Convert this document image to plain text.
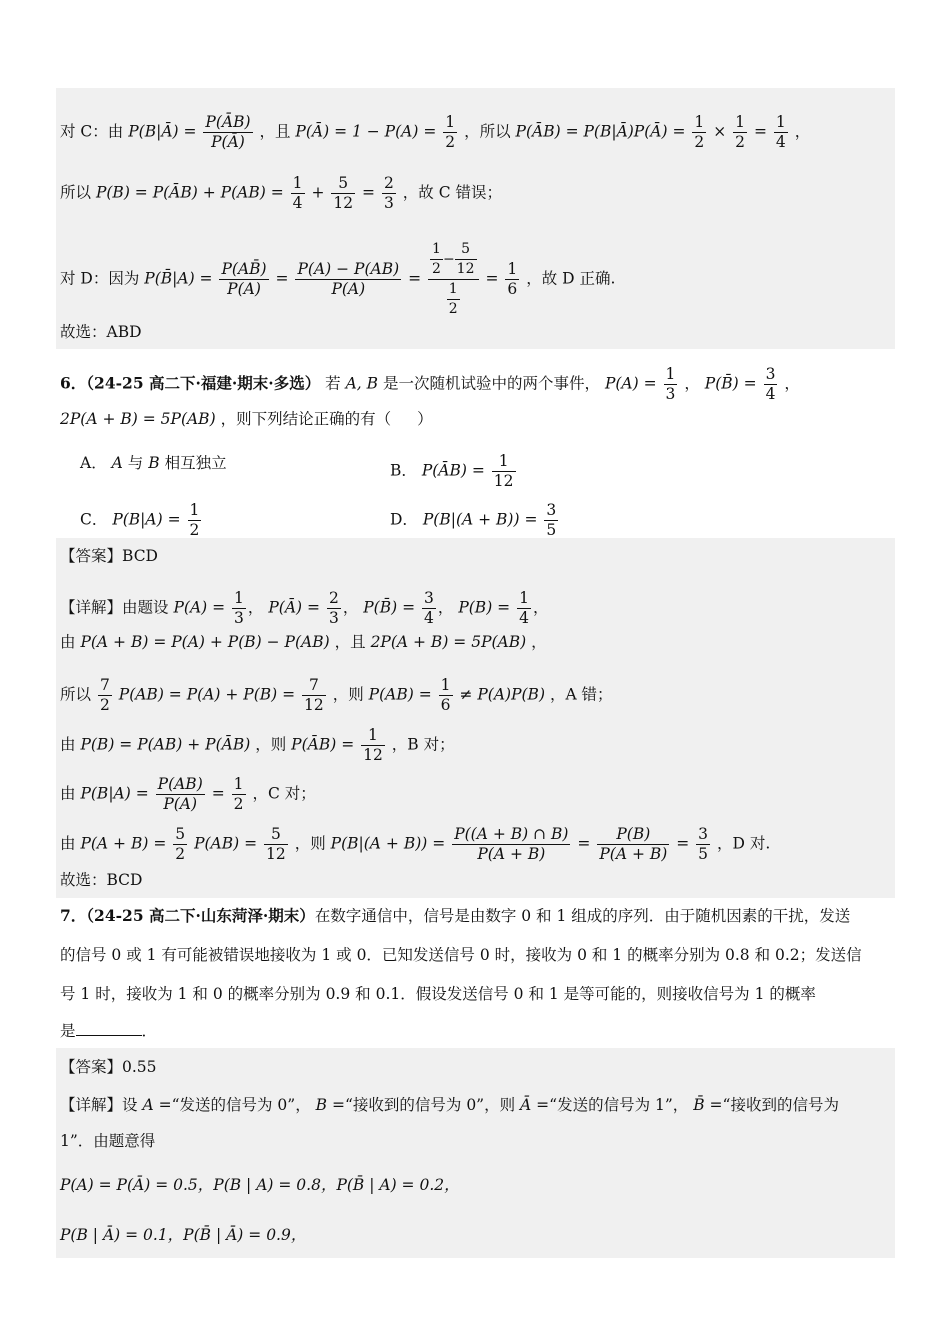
对 C：由 P(B|Ā) = $\frac{P(ĀB)}{P(Ā)}$ ，且 P(Ā) = $1 - P(A) = \frac{1}{2}$ ，所以 P(ĀB) = P(B|Ā)P(Ā) = $\frac{1}{2} \times \frac{1}{2} = \frac{1}{4}$ ，
所以 P(B) = P(ĀB) + $P(AB) = \frac{1}{4} + \frac{5}{12} = \frac{2}{3}$ ，故 C 错误；
对 D：因为 P(B̄|A) = $\frac{P(AB̄)}{P(A)} = \frac{P(A) - P(AB)}{P(A)} = \frac{\frac{1}{2} - \frac{5}{12}}{\frac{1}{2}} = \frac{1}{6}$ ，故 D 正确.
故选：ABD
6．（24-25 高二下·福建·期末·多选） 若 A, B 是一次随机试验中的两个事件， $P(A) = \frac{1}{3}$ ， P(B̄) = $\frac{3}{4}$ ，
2P(A + B) = 5P(AB) ，则下列结论正确的有（ ）
A． A 与 B 相互独立	B． P(ĀB) = $\frac{1}{12}$
C． $P(B|A) = \frac{1}{2}$	D． $P(B|(A + B)) = \frac{3}{5}$
【答案】BCD
【详解】由题设 $P(A) = \frac{1}{3}$ ， P(Ā) = $\frac{2}{3}$ ， P(B̄) = $\frac{3}{4}$ ， $P(B) = \frac{1}{4}$ ，
由 P(A + B) = P(A) + P(B) − P(AB) ，且 2P(A + B) = 5P(AB) ，
所以 $\frac{7}{2} P(AB) = P(A) + P(B) = \frac{7}{12}$ ，则 $P(AB) = \frac{1}{6} \ne P(A)P(B)$ ，A 错；
由 P(B) = P(AB) + P(ĀB) ，则 P(ĀB) = $\frac{1}{12}$ ，B 对；
由 $P(B|A) = \frac{P(AB)}{P(A)} = \frac{1}{2}$ ，C 对；
由 $P(A + B) = \frac{5}{2} P(AB) = \frac{5}{12}$ ，则 $P(B|(A + B)) = \frac{P((A + B) \cap B)}{P(A + B)} = \frac{P(B)}{P(A + B)} = \frac{3}{5}$ ，D 对.
故选：BCD
7．（24-25 高二下·山东菏泽·期末）在数字通信中，信号是由数字 0 和 1 组成的序列．由于随机因素的干扰，发送
的信号 0 或 1 有可能被错误地接收为 1 或 0．已知发送信号 0 时，接收为 0 和 1 的概率分别为 0.8 和 0.2；发送信
号 1 时，接收为 1 和 0 的概率分别为 0.9 和 0.1．假设发送信号 0 和 1 是等可能的，则接收信号为 1 的概率
是	．
【答案】0.55
【详解】设 A =“发送的信号为 0”， B =“接收到的信号为 0”，则 Ā =“发送的信号为 1”， B̄ =“接收到的信号为
1”．由题意得
P(A) = P(Ā) = 0.5，P(B | A) = 0.8，P(B̄ | A) = 0.2，
P(B | Ā) = 0.1，P(B̄ | Ā) = 0.9，
